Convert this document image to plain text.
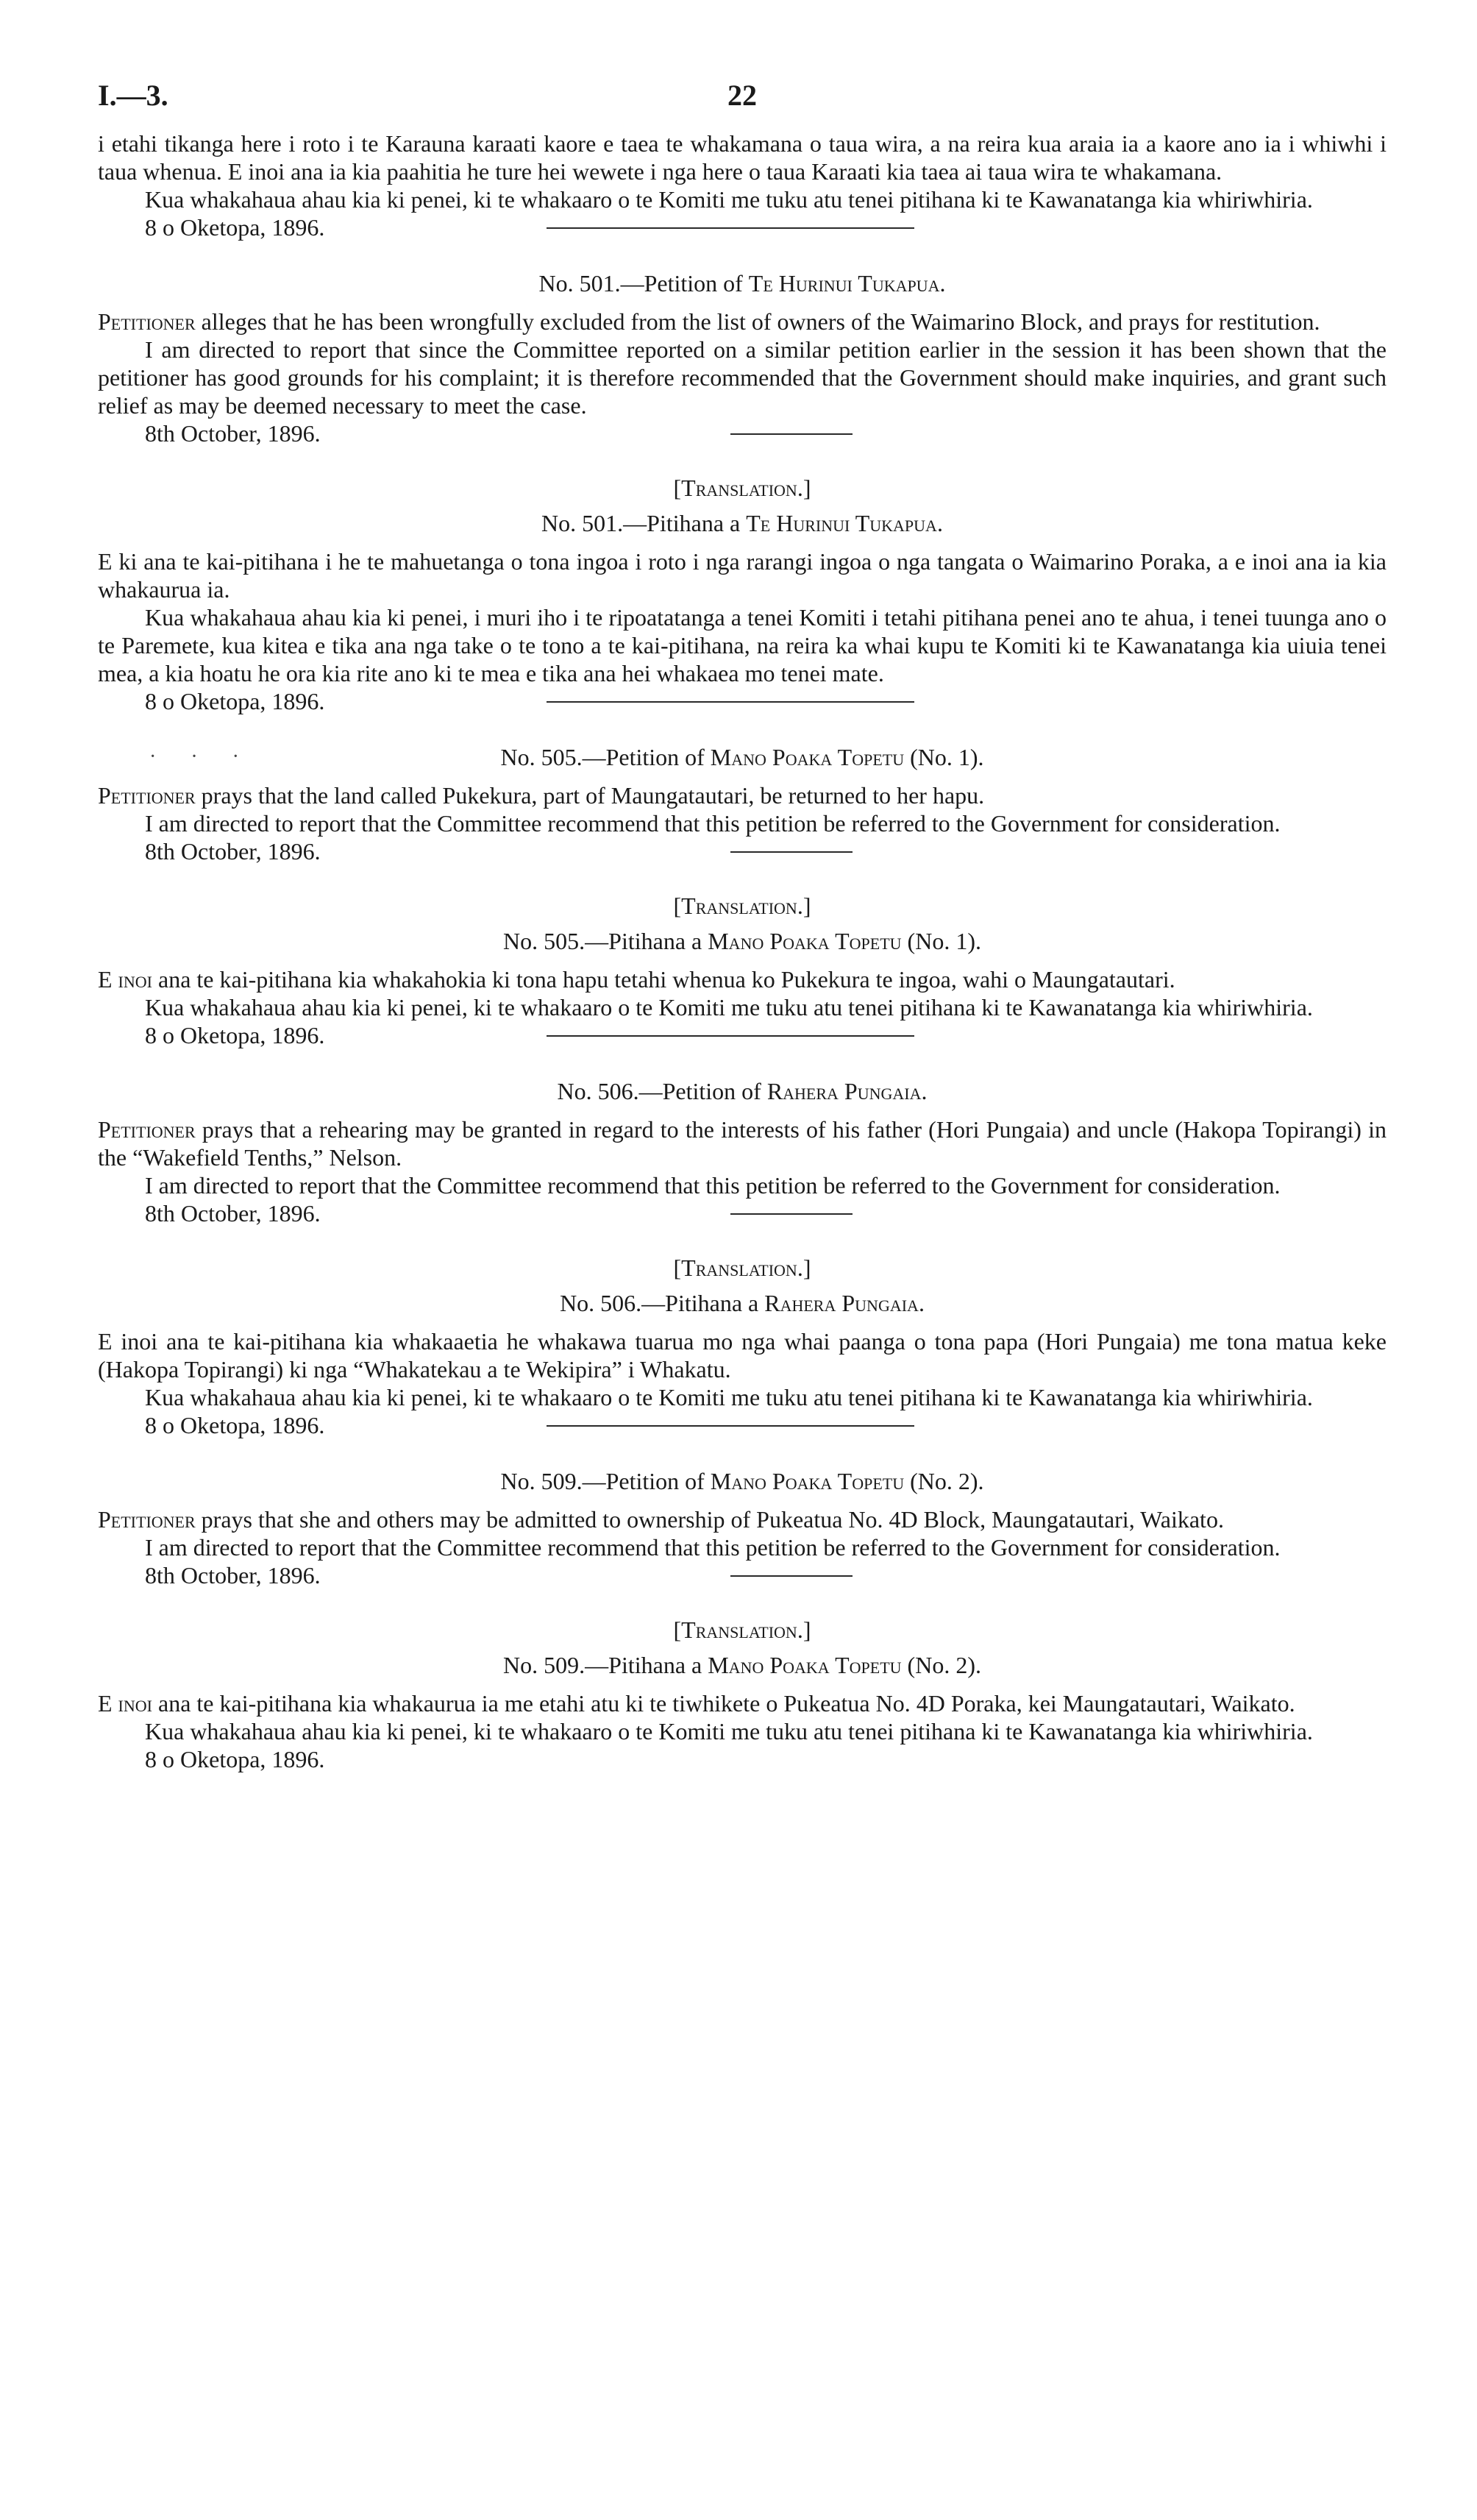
I.—3.	22

i etahi tikanga here i roto i te Karauna karaati kaore e taea te whakamana o taua wira, a na reira kua araia ia a kaore ano ia i whiwhi i taua whenua. E inoi ana ia kia paahitia he ture hei wewete i nga here o taua Karaati kia taea ai taua wira te whakamana.

Kua whakahaua ahau kia ki penei, ki te whakaaro o te Komiti me tuku atu tenei pitihana ki te Kawanatanga kia whiriwhiria.

8 o Oketopa, 1896.

No. 501.—Petition of Te Hurinui Tukapua.

Petitioner alleges that he has been wrongfully excluded from the list of owners of the Waimarino Block, and prays for restitution.

I am directed to report that since the Committee reported on a similar petition earlier in the session it has been shown that the petitioner has good grounds for his complaint; it is therefore recommended that the Government should make inquiries, and grant such relief as may be deemed necessary to meet the case.

8th October, 1896.

[Translation.]

No. 501.—Pitihana a Te Hurinui Tukapua.

E ki ana te kai-pitihana i he te mahuetanga o tona ingoa i roto i nga rarangi ingoa o nga tangata o Waimarino Poraka, a e inoi ana ia kia whakaurua ia.

Kua whakahaua ahau kia ki penei, i muri iho i te ripoatatanga a tenei Komiti i tetahi pitihana penei ano te ahua, i tenei tuunga ano o te Paremete, kua kitea e tika ana nga take o te tono a te kai-pitihana, na reira ka whai kupu te Komiti ki te Kawanatanga kia uiuia tenei mea, a kia hoatu he ora kia rite ano ki te mea e tika ana hei whakaea mo tenei mate.

8 o Oketopa, 1896.

· · ·	No. 505.—Petition of Mano Poaka Topetu (No. 1).

Petitioner prays that the land called Pukekura, part of Maungatautari, be returned to her hapu.

I am directed to report that the Committee recommend that this petition be referred to the Government for consideration.

8th October, 1896.

[Translation.]

No. 505.—Pitihana a Mano Poaka Topetu (No. 1).

E inoi ana te kai-pitihana kia whakahokia ki tona hapu tetahi whenua ko Pukekura te ingoa, wahi o Maungatautari.

Kua whakahaua ahau kia ki penei, ki te whakaaro o te Komiti me tuku atu tenei pitihana ki te Kawanatanga kia whiriwhiria.

8 o Oketopa, 1896.

No. 506.—Petition of Rahera Pungaia.

Petitioner prays that a rehearing may be granted in regard to the interests of his father (Hori Pungaia) and uncle (Hakopa Topirangi) in the “Wakefield Tenths,” Nelson.

I am directed to report that the Committee recommend that this petition be referred to the Government for consideration.

8th October, 1896.

[Translation.]

No. 506.—Pitihana a Rahera Pungaia.

E inoi ana te kai-pitihana kia whakaaetia he whakawa tuarua mo nga whai paanga o tona papa (Hori Pungaia) me tona matua keke (Hakopa Topirangi) ki nga “Whakatekau a te Wekipira” i Whakatu.

Kua whakahaua ahau kia ki penei, ki te whakaaro o te Komiti me tuku atu tenei pitihana ki te Kawanatanga kia whiriwhiria.

8 o Oketopa, 1896.

No. 509.—Petition of Mano Poaka Topetu (No. 2).

Petitioner prays that she and others may be admitted to ownership of Pukeatua No. 4D Block, Maungatautari, Waikato.

I am directed to report that the Committee recommend that this petition be referred to the Government for consideration.

8th October, 1896.

[Translation.]

No. 509.—Pitihana a Mano Poaka Topetu (No. 2).

E inoi ana te kai-pitihana kia whakaurua ia me etahi atu ki te tiwhikete o Pukeatua No. 4D Poraka, kei Maungatautari, Waikato.

Kua whakahaua ahau kia ki penei, ki te whakaaro o te Komiti me tuku atu tenei pitihana ki te Kawanatanga kia whiriwhiria.

8 o Oketopa, 1896.
